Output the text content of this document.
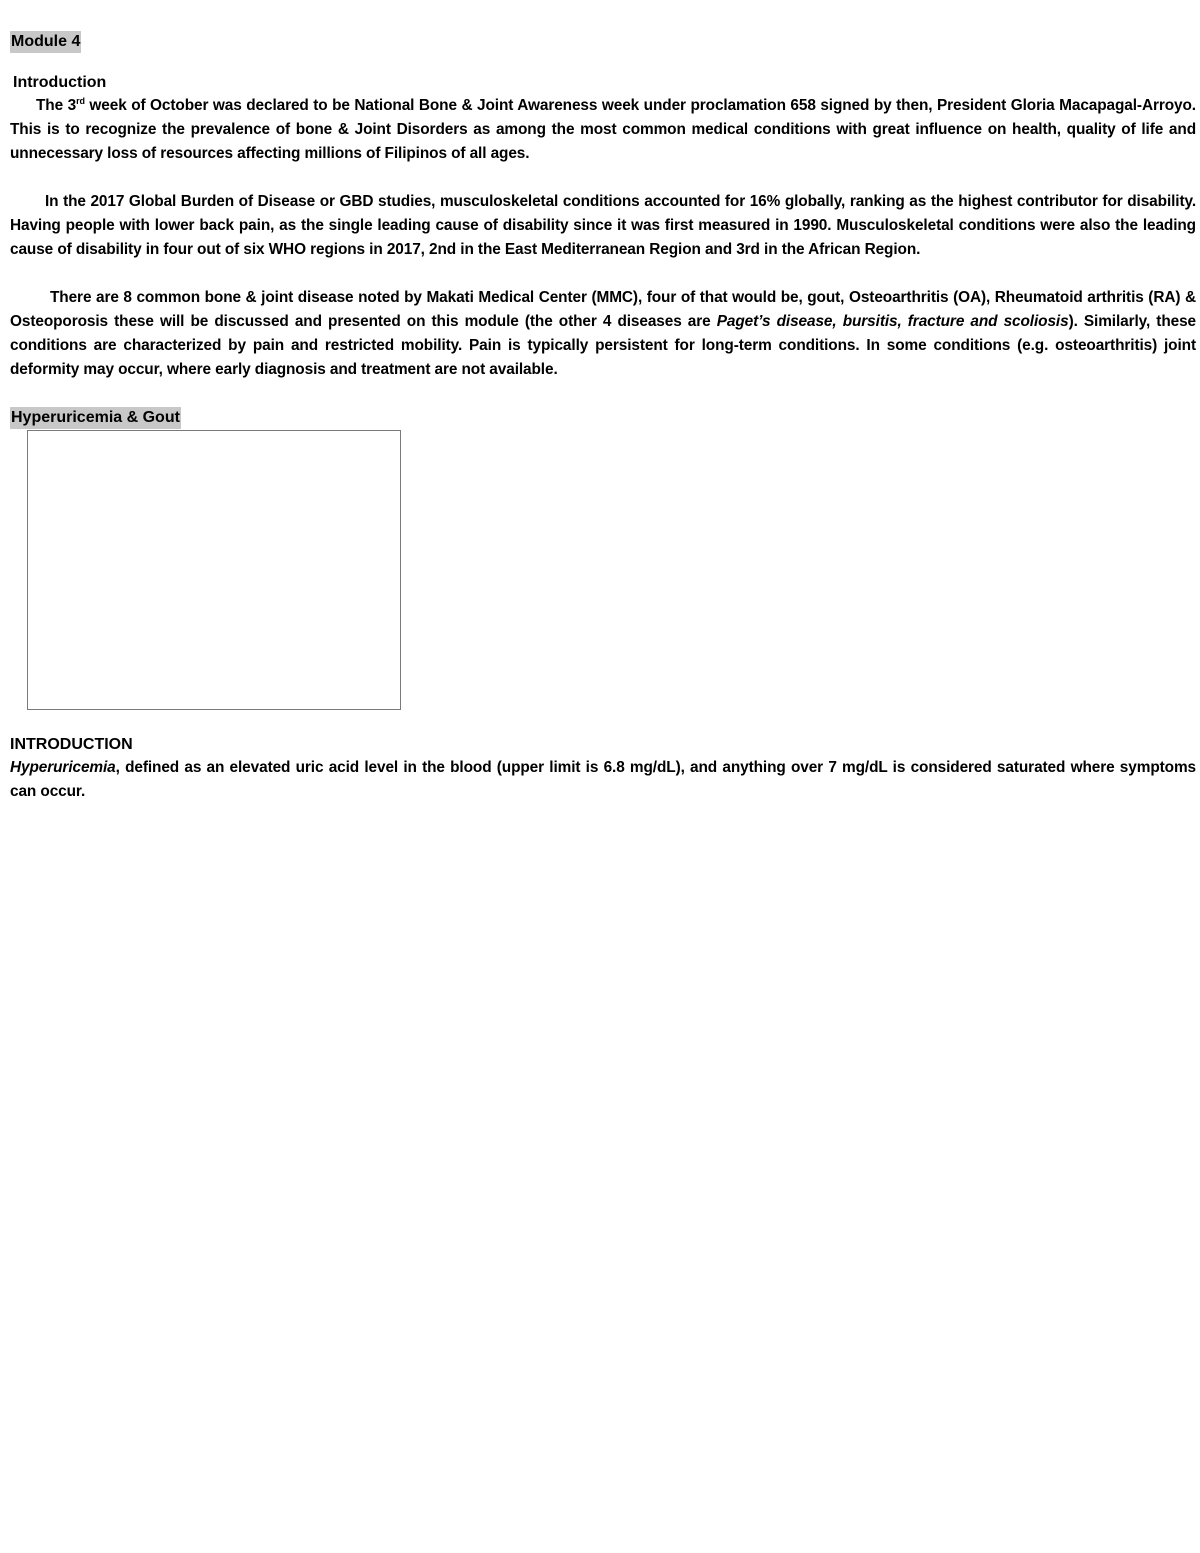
Module 4
Introduction

The 3rd week of October was declared to be National Bone & Joint Awareness week under proclamation 658 signed by then, President Gloria Macapagal-Arroyo. This is to recognize the prevalence of bone & Joint Disorders as among the most common medical conditions with great influence on health, quality of life and unnecessary loss of resources affecting millions of Filipinos of all ages.

In the 2017 Global Burden of Disease or GBD studies, musculoskeletal conditions accounted for 16% globally, ranking as the highest contributor for disability. Having people with lower back pain, as the single leading cause of disability since it was first measured in 1990. Musculoskeletal conditions were also the leading cause of disability in four out of six WHO regions in 2017, 2nd in the East Mediterranean Region and 3rd in the African Region.

There are 8 common bone & joint disease noted by Makati Medical Center (MMC), four of that would be, gout, Osteoarthritis (OA), Rheumatoid arthritis (RA) & Osteoporosis these will be discussed and presented on this module (the other 4 diseases are Paget’s disease, bursitis, fracture and scoliosis). Similarly, these conditions are characterized by pain and restricted mobility. Pain is typically persistent for long-term conditions. In some conditions (e.g. osteoarthritis) joint deformity may occur, where early diagnosis and treatment are not available.

Hyperuricemia & Gout
INTRODUCTION

Hyperuricemia, defined as an elevated uric acid level in the blood (upper limit is 6.8 mg/dL), and anything over 7 mg/dL is considered saturated where symptoms can occur.
